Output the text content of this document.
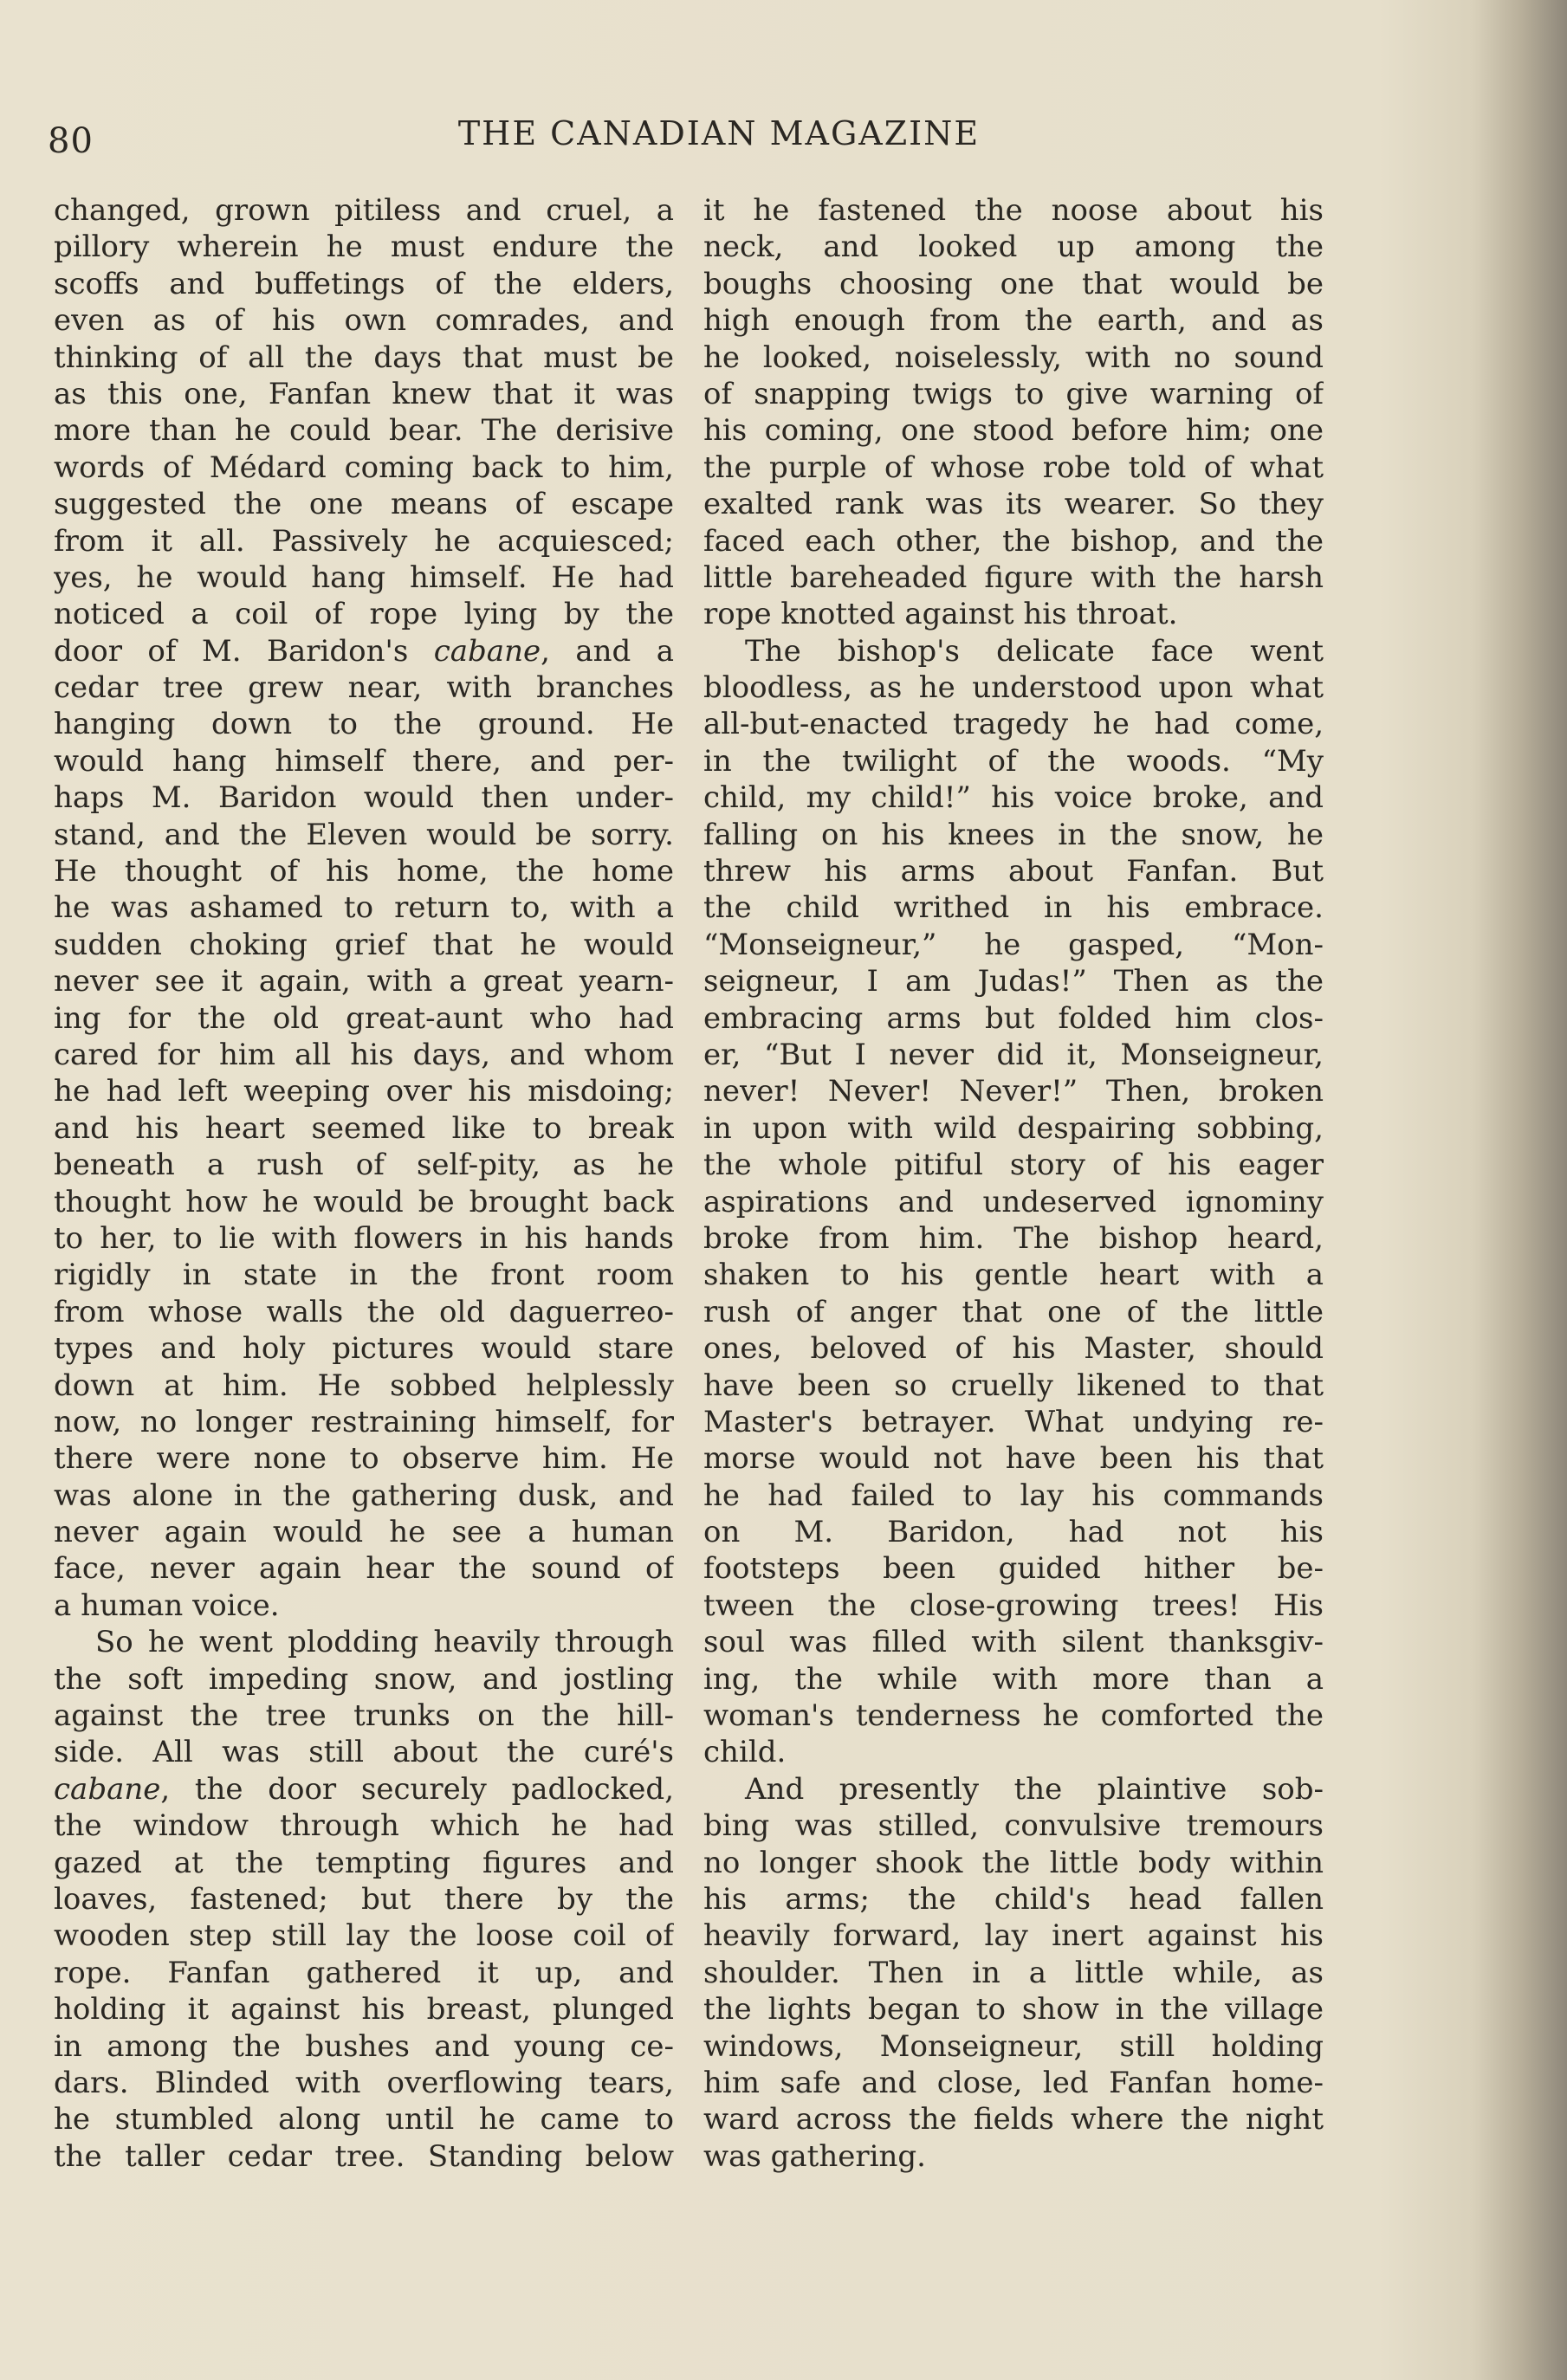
80	THE CANADIAN MAGAZINE
changed, grown pitiless and cruel, a
pillory wherein he must endure the
scoffs and buffetings of the elders,
even as of his own comrades, and
thinking of all the days that must be
as this one, Fanfan knew that it was
more than he could bear. The derisive
words of Médard coming back to him,
suggested the one means of escape
from it all. Passively he acquiesced;
yes, he would hang himself. He had
noticed a coil of rope lying by the
door of M. Baridon's cabane, and a
cedar tree grew near, with branches
hanging down to the ground. He
would hang himself there, and per-
haps M. Baridon would then under-
stand, and the Eleven would be sorry.
He thought of his home, the home
he was ashamed to return to, with a
sudden choking grief that he would
never see it again, with a great yearn-
ing for the old great-aunt who had
cared for him all his days, and whom
he had left weeping over his misdoing;
and his heart seemed like to break
beneath a rush of self-pity, as he
thought how he would be brought back
to her, to lie with flowers in his hands
rigidly in state in the front room
from whose walls the old daguerreo-
types and holy pictures would stare
down at him. He sobbed helplessly
now, no longer restraining himself, for
there were none to observe him. He
was alone in the gathering dusk, and
never again would he see a human
face, never again hear the sound of
a human voice.
So he went plodding heavily through
the soft impeding snow, and jostling
against the tree trunks on the hill-
side. All was still about the curé's
cabane, the door securely padlocked,
the window through which he had
gazed at the tempting figures and
loaves, fastened; but there by the
wooden step still lay the loose coil of
rope. Fanfan gathered it up, and
holding it against his breast, plunged
in among the bushes and young ce-
dars. Blinded with overflowing tears,
he stumbled along until he came to
the taller cedar tree. Standing below
it he fastened the noose about his
neck, and looked up among the
boughs choosing one that would be
high enough from the earth, and as
he looked, noiselessly, with no sound
of snapping twigs to give warning of
his coming, one stood before him; one
the purple of whose robe told of what
exalted rank was its wearer. So they
faced each other, the bishop, and the
little bareheaded figure with the harsh
rope knotted against his throat.
The bishop's delicate face went
bloodless, as he understood upon what
all-but-enacted tragedy he had come,
in the twilight of the woods. “My
child, my child!” his voice broke, and
falling on his knees in the snow, he
threw his arms about Fanfan. But
the child writhed in his embrace.
“Monseigneur,” he gasped, “Mon-
seigneur, I am Judas!” Then as the
embracing arms but folded him clos-
er, “But I never did it, Monseigneur,
never! Never! Never!” Then, broken
in upon with wild despairing sobbing,
the whole pitiful story of his eager
aspirations and undeserved ignominy
broke from him. The bishop heard,
shaken to his gentle heart with a
rush of anger that one of the little
ones, beloved of his Master, should
have been so cruelly likened to that
Master's betrayer. What undying re-
morse would not have been his that
he had failed to lay his commands
on M. Baridon, had not his
footsteps been guided hither be-
tween the close-growing trees! His
soul was filled with silent thanksgiv-
ing, the while with more than a
woman's tenderness he comforted the
child.
And presently the plaintive sob-
bing was stilled, convulsive tremours
no longer shook the little body within
his arms; the child's head fallen
heavily forward, lay inert against his
shoulder. Then in a little while, as
the lights began to show in the village
windows, Monseigneur, still holding
him safe and close, led Fanfan home-
ward across the fields where the night
was gathering.
